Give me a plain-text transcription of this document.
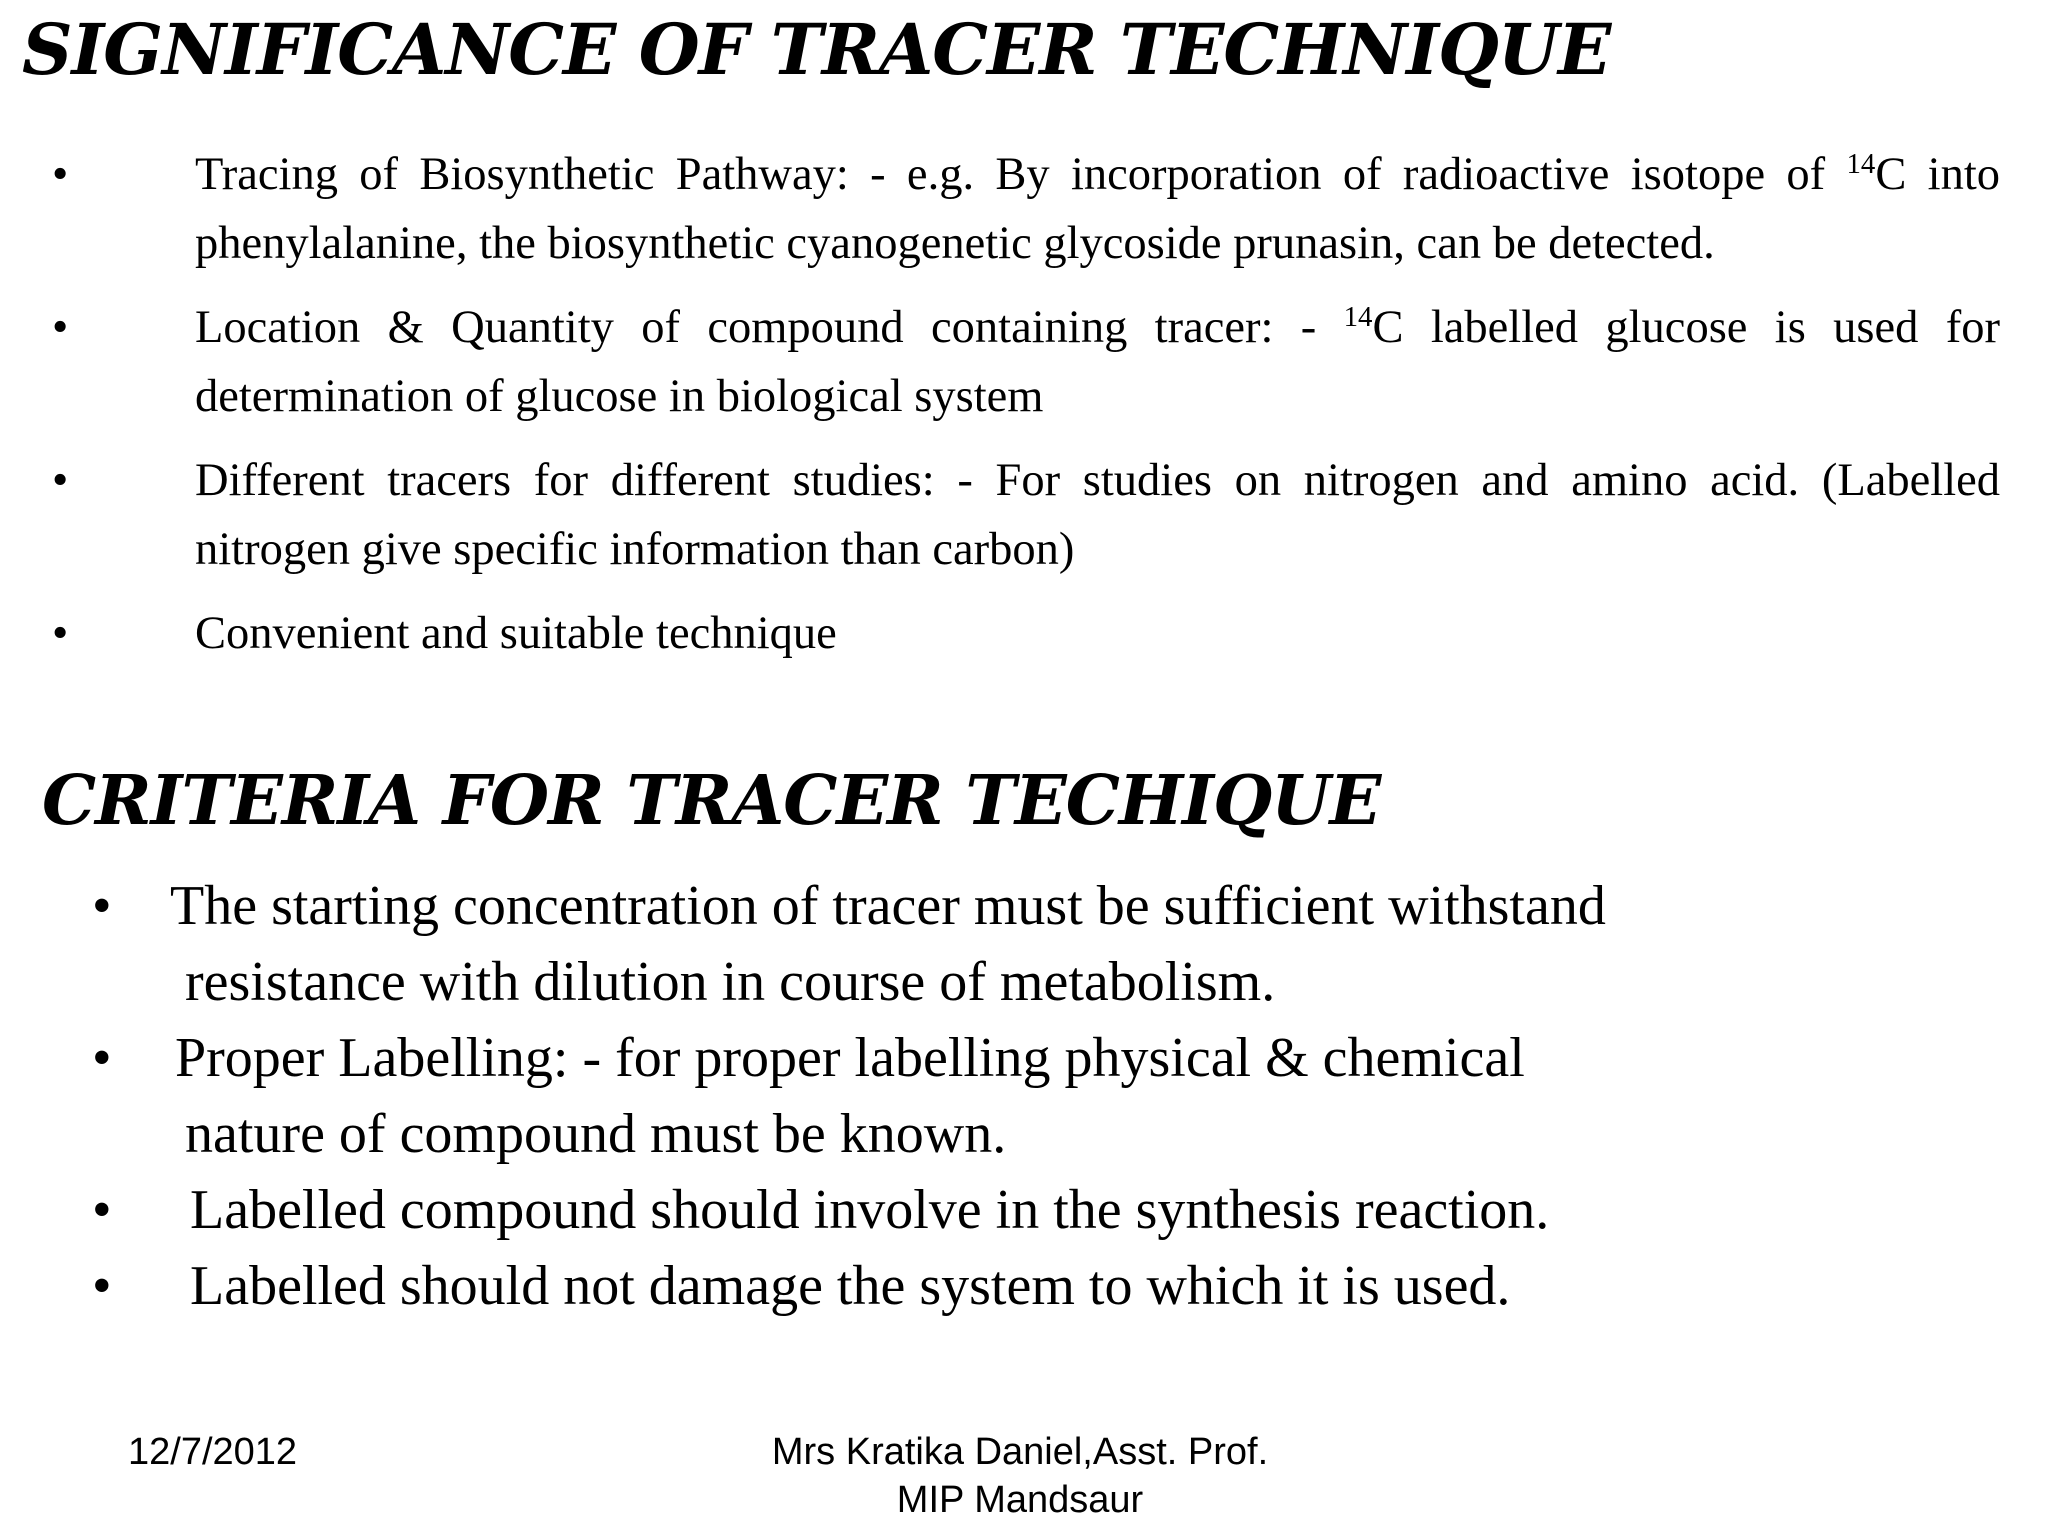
SIGNIFICANCE OF TRACER TECHNIQUE
•	Tracing of Biosynthetic Pathway: - e.g. By incorporation of radioactive isotope of $^{14}$C into phenylalanine, the biosynthetic cyanogenetic glycoside prunasin, can be detected.
•	Location & Quantity of compound containing tracer: - $^{14}$C labelled glucose is used for determination of glucose in biological system
•	Different tracers for different studies: - For studies on nitrogen and amino acid. (Labelled nitrogen give specific information than carbon)
•	Convenient and suitable technique
CRITERIA FOR TRACER TECHIQUE
• The starting concentration of tracer must be sufficient withstand
resistance with dilution in course of metabolism.
• Proper Labelling: - for proper labelling physical & chemical
nature of compound must be known.
• Labelled compound should involve in the synthesis reaction.
• Labelled should not damage the system to which it is used.
12/7/2012	Mrs Kratika Daniel,Asst. Prof.
MIP Mandsaur
